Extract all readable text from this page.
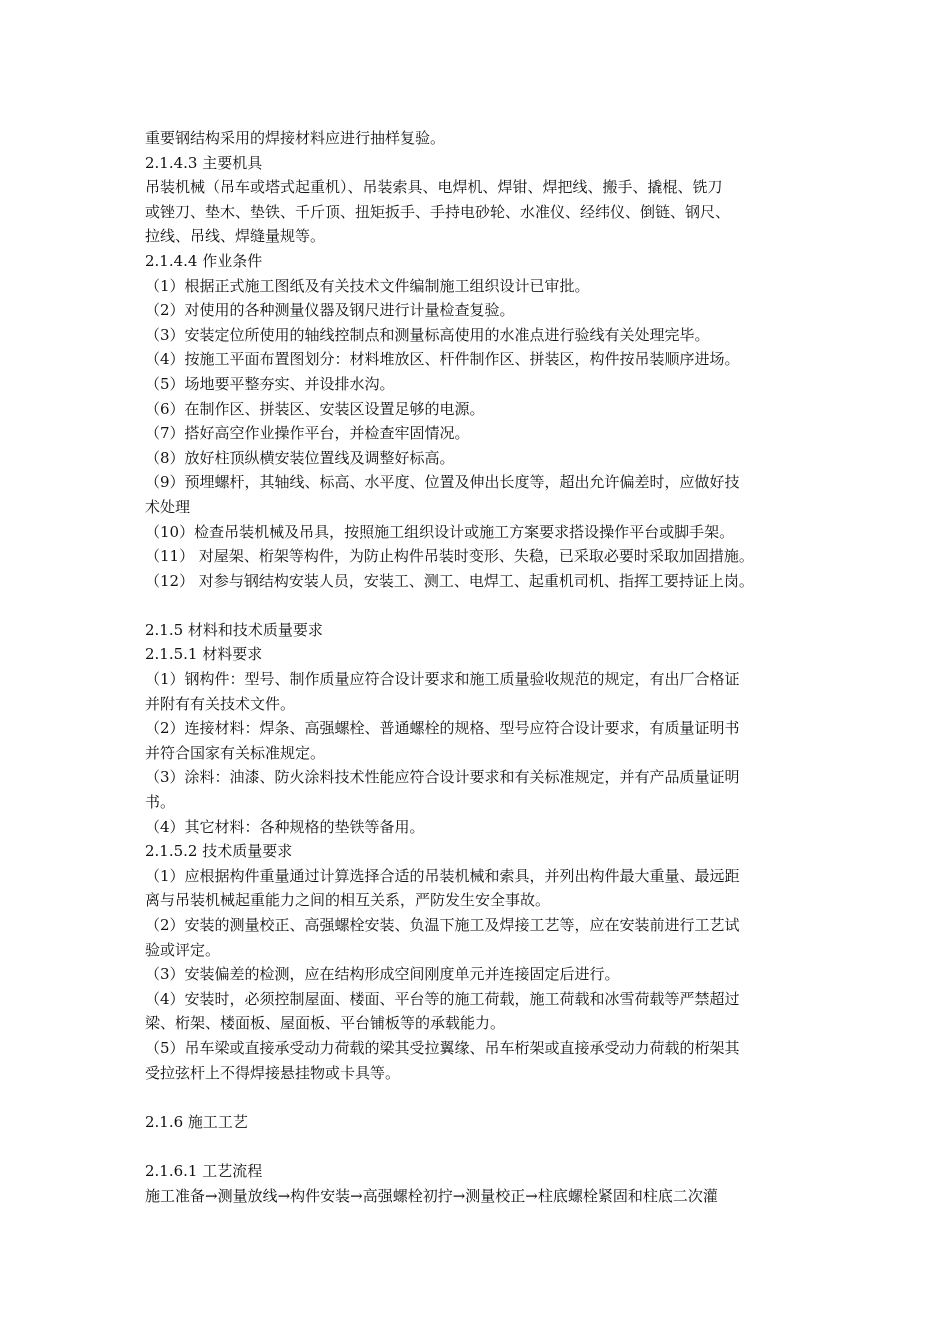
重要钢结构采用的焊接材料应进行抽样复验。
2.1.4.3 主要机具
吊装机械（吊车或塔式起重机）、吊装索具、电焊机、焊钳、焊把线、搬手、撬棍、铣刀
或锉刀、垫木、垫铁、千斤顶、扭矩扳手、手持电砂轮、水准仪、经纬仪、倒链、钢尺、
拉线、吊线、焊缝量规等。
2.1.4.4 作业条件
（1）根据正式施工图纸及有关技术文件编制施工组织设计已审批。
（2）对使用的各种测量仪器及钢尺进行计量检查复验。
（3）安装定位所使用的轴线控制点和测量标高使用的水准点进行验线有关处理完毕。
（4）按施工平面布置图划分：材料堆放区、杆件制作区、拼装区，构件按吊装顺序进场。
（5）场地要平整夯实、并设排水沟。
（6）在制作区、拼装区、安装区设置足够的电源。
（7）搭好高空作业操作平台，并检查牢固情况。
（8）放好柱顶纵横安装位置线及调整好标高。
（9）预埋螺杆，其轴线、标高、水平度、位置及伸出长度等，超出允许偏差时，应做好技
术处理
（10）检查吊装机械及吊具，按照施工组织设计或施工方案要求搭设操作平台或脚手架。
（11） 对屋架、桁架等构件，为防止构件吊装时变形、失稳，已采取必要时采取加固措施。
（12） 对参与钢结构安装人员，安装工、测工、电焊工、起重机司机、指挥工要持证上岗。
2.1.5 材料和技术质量要求
2.1.5.1 材料要求
（1）钢构件：型号、制作质量应符合设计要求和施工质量验收规范的规定，有出厂合格证
并附有有关技术文件。
（2）连接材料：焊条、高强螺栓、普通螺栓的规格、型号应符合设计要求，有质量证明书
并符合国家有关标准规定。
（3）涂料：油漆、防火涂料技术性能应符合设计要求和有关标准规定，并有产品质量证明
书。
（4）其它材料：各种规格的垫铁等备用。
2.1.5.2 技术质量要求
（1）应根据构件重量通过计算选择合适的吊装机械和索具，并列出构件最大重量、最远距
离与吊装机械起重能力之间的相互关系，严防发生安全事故。
（2）安装的测量校正、高强螺栓安装、负温下施工及焊接工艺等，应在安装前进行工艺试
验或评定。
（3）安装偏差的检测，应在结构形成空间刚度单元并连接固定后进行。
（4）安装时，必须控制屋面、楼面、平台等的施工荷载，施工荷载和冰雪荷载等严禁超过
梁、桁架、楼面板、屋面板、平台铺板等的承载能力。
（5）吊车梁或直接承受动力荷载的梁其受拉翼缘、吊车桁架或直接承受动力荷载的桁架其
受拉弦杆上不得焊接悬挂物或卡具等。
2.1.6 施工工艺
2.1.6.1 工艺流程
施工准备→测量放线→构件安装→高强螺栓初拧→测量校正→柱底螺栓紧固和柱底二次灌
